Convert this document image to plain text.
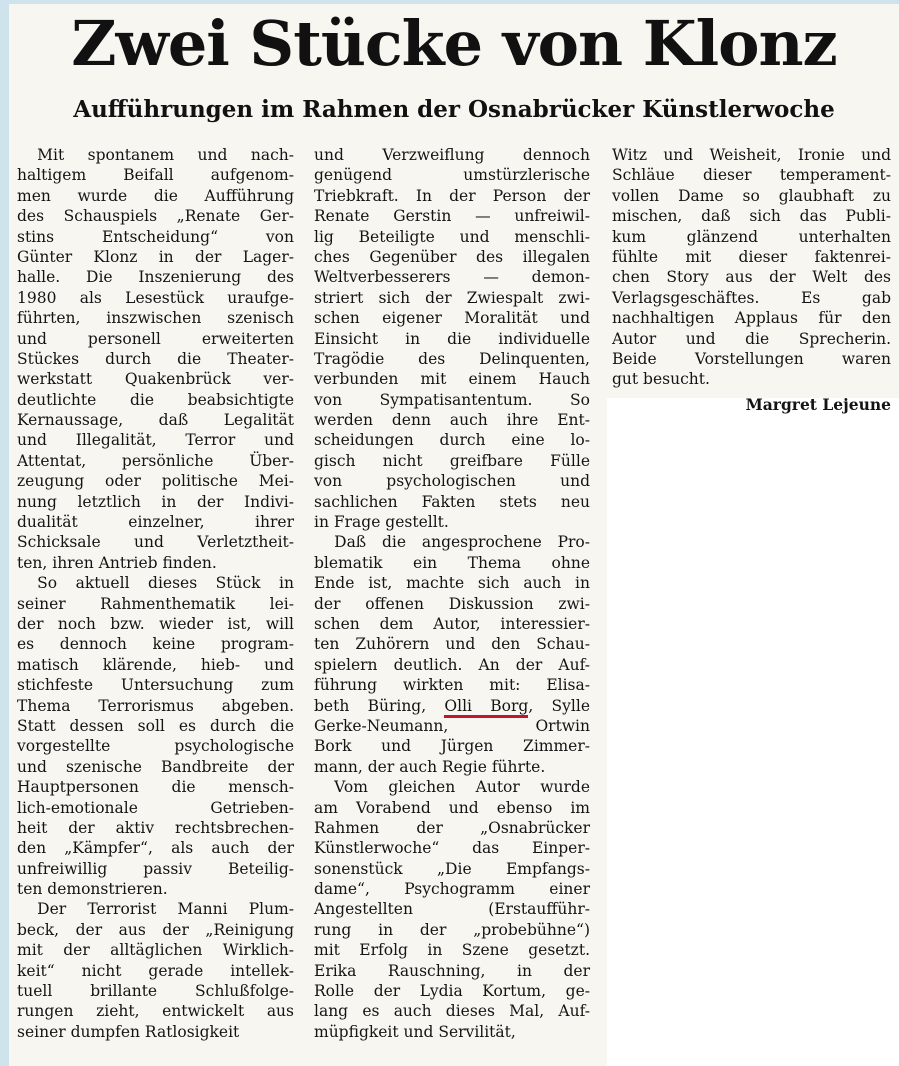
Zwei Stücke von Klonz
Aufführungen im Rahmen der Osnabrücker Künstlerwoche
Mit spontanem und nach-
haltigem Beifall aufgenom-
men wurde die Aufführung
des Schauspiels „Renate Ger-
stins Entscheidung“ von
Günter Klonz in der Lager-
halle. Die Inszenierung des
1980 als Lesestück uraufge-
führten, inszwischen szenisch
und personell erweiterten
Stückes durch die Theater-
werkstatt Quakenbrück ver-
deutlichte die beabsichtigte
Kernaussage, daß Legalität
und Illegalität, Terror und
Attentat, persönliche Über-
zeugung oder politische Mei-
nung letztlich in der Indivi-
dualität einzelner, ihrer
Schicksale und Verletztheit-
ten, ihren Antrieb finden.
So aktuell dieses Stück in
seiner Rahmenthematik lei-
der noch bzw. wieder ist, will
es dennoch keine program-
matisch klärende, hieb- und
stichfeste Untersuchung zum
Thema Terrorismus abgeben.
Statt dessen soll es durch die
vorgestellte psychologische
und szenische Bandbreite der
Hauptpersonen die mensch-
lich-emotionale Getrieben-
heit der aktiv rechtsbrechen-
den „Kämpfer“, als auch der
unfreiwillig passiv Beteilig-
ten demonstrieren.
Der Terrorist Manni Plum-
beck, der aus der „Reinigung
mit der alltäglichen Wirklich-
keit“ nicht gerade intellek-
tuell brillante Schlußfolge-
rungen zieht, entwickelt aus
seiner dumpfen Ratlosigkeit
und Verzweiflung dennoch
genügend umstürzlerische
Triebkraft. In der Person der
Renate Gerstin — unfreiwil-
lig Beteiligte und menschli-
ches Gegenüber des illegalen
Weltverbesserers — demon-
striert sich der Zwiespalt zwi-
schen eigener Moralität und
Einsicht in die individuelle
Tragödie des Delinquenten,
verbunden mit einem Hauch
von Sympatisantentum. So
werden denn auch ihre Ent-
scheidungen durch eine lo-
gisch nicht greifbare Fülle
von psychologischen und
sachlichen Fakten stets neu
in Frage gestellt.
Daß die angesprochene Pro-
blematik ein Thema ohne
Ende ist, machte sich auch in
der offenen Diskussion zwi-
schen dem Autor, interessier-
ten Zuhörern und den Schau-
spielern deutlich. An der Auf-
führung wirkten mit: Elisa-
beth Büring, Olli Borg, Sylle
Gerke-Neumann, Ortwin
Bork und Jürgen Zimmer-
mann, der auch Regie führte.
Vom gleichen Autor wurde
am Vorabend und ebenso im
Rahmen der „Osnabrücker
Künstlerwoche“ das Einper-
sonenstück „Die Empfangs-
dame“, Psychogramm einer
Angestellten (Erstaufführ-
rung in der „probebühne“)
mit Erfolg in Szene gesetzt.
Erika Rauschning, in der
Rolle der Lydia Kortum, ge-
lang es auch dieses Mal, Auf-
müpfigkeit und Servilität,
Witz und Weisheit, Ironie und
Schläue dieser temperament-
vollen Dame so glaubhaft zu
mischen, daß sich das Publi-
kum glänzend unterhalten
fühlte mit dieser faktenrei-
chen Story aus der Welt des
Verlagsgeschäftes. Es gab
nachhaltigen Applaus für den
Autor und die Sprecherin.
Beide Vorstellungen waren
gut besucht.
Margret Lejeune
